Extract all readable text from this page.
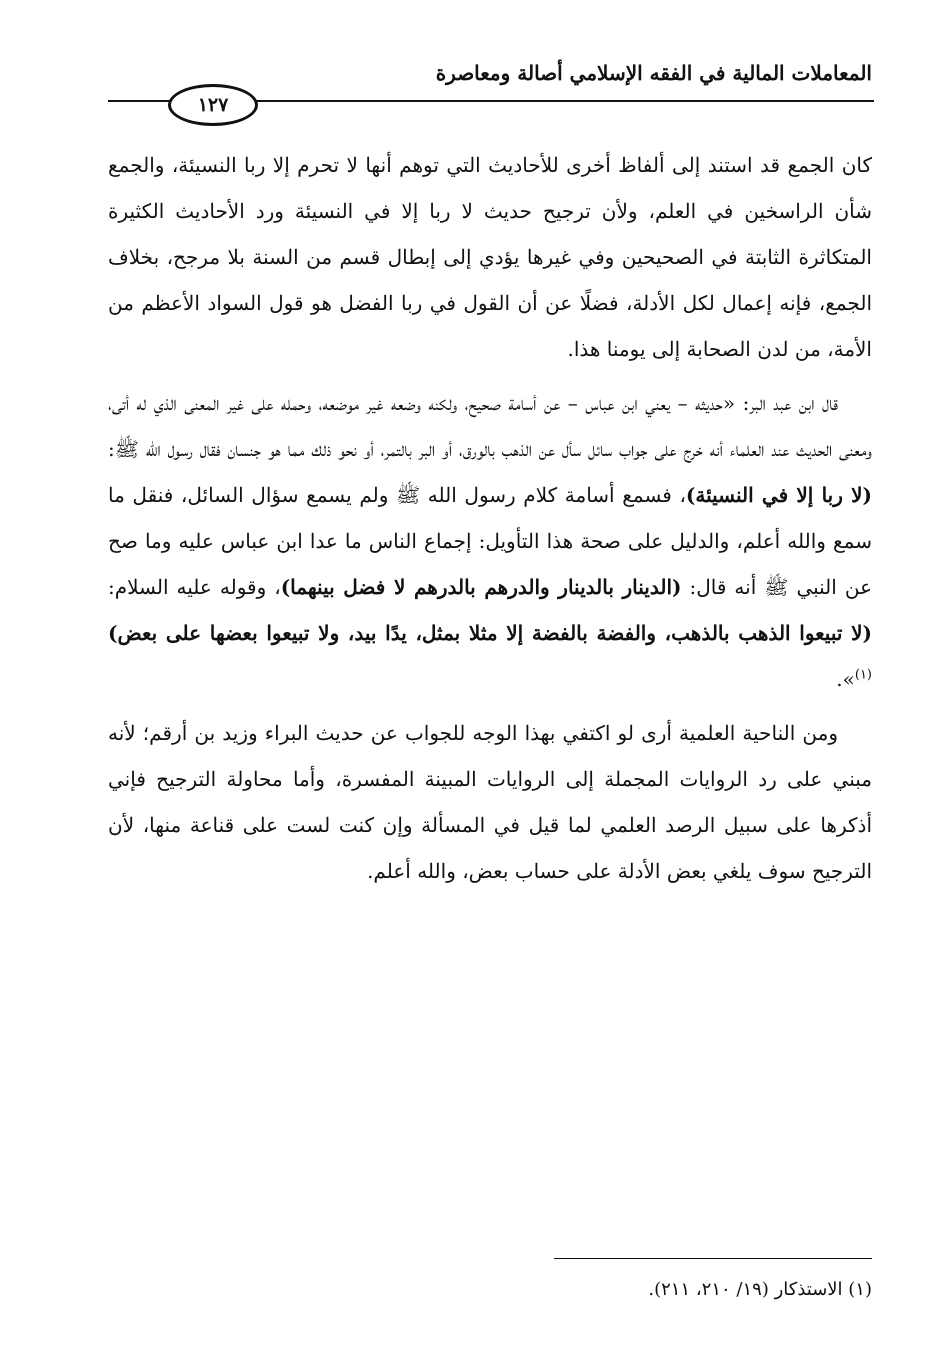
المعاملات المالية في الفقه الإسلامي أصالة ومعاصرة
١٢٧

كان الجمع قد استند إلى ألفاظ أخرى للأحاديث التي توهم أنها لا تحرم إلا ربا النسيئة، والجمع شأن الراسخين في العلم، ولأن ترجيح حديث لا ربا إلا في النسيئة ورد الأحاديث الكثيرة المتكاثرة الثابتة في الصحيحين وفي غيرها يؤدي إلى إبطال قسم من السنة بلا مرجح، بخلاف الجمع، فإنه إعمال لكل الأدلة، فضلًا عن أن القول في ربا الفضل هو قول السواد الأعظم من الأمة، من لدن الصحابة إلى يومنا هذا.

قال ابن عبد البر: «حديثه – يعني ابن عباس – عن أسامة صحيح، ولكنه وضعه غير موضعه، وحمله على غير المعنى الذي له أتى، ومعنى الحديث عند العلماء أنه خرج على جواب سائل سأل عن الذهب بالورق، أو البر بالتمر، أو نحو ذلك مما هو جنسان فقال رسول الله ﷺ: (لا ربا إلا في النسيئة)، فسمع أسامة كلام رسول الله ﷺ ولم يسمع سؤال السائل، فنقل ما سمع والله أعلم، والدليل على صحة هذا التأويل: إجماع الناس ما عدا ابن عباس عليه وما صح عن النبي ﷺ أنه قال: (الدينار بالدينار والدرهم بالدرهم لا فضل بينهما)، وقوله عليه السلام: (لا تبيعوا الذهب بالذهب، والفضة بالفضة إلا مثلا بمثل، يدًا بيد، ولا تبيعوا بعضها على بعض)$^{(١)}$».

ومن الناحية العلمية أرى لو اكتفي بهذا الوجه للجواب عن حديث البراء وزيد بن أرقم؛ لأنه مبني على رد الروايات المجملة إلى الروايات المبينة المفسرة، وأما محاولة الترجيح فإني أذكرها على سبيل الرصد العلمي لما قيل في المسألة وإن كنت لست على قناعة منها، لأن الترجيح سوف يلغي بعض الأدلة على حساب بعض، والله أعلم.

(١) الاستذكار (١٩/ ٢١٠، ٢١١).
